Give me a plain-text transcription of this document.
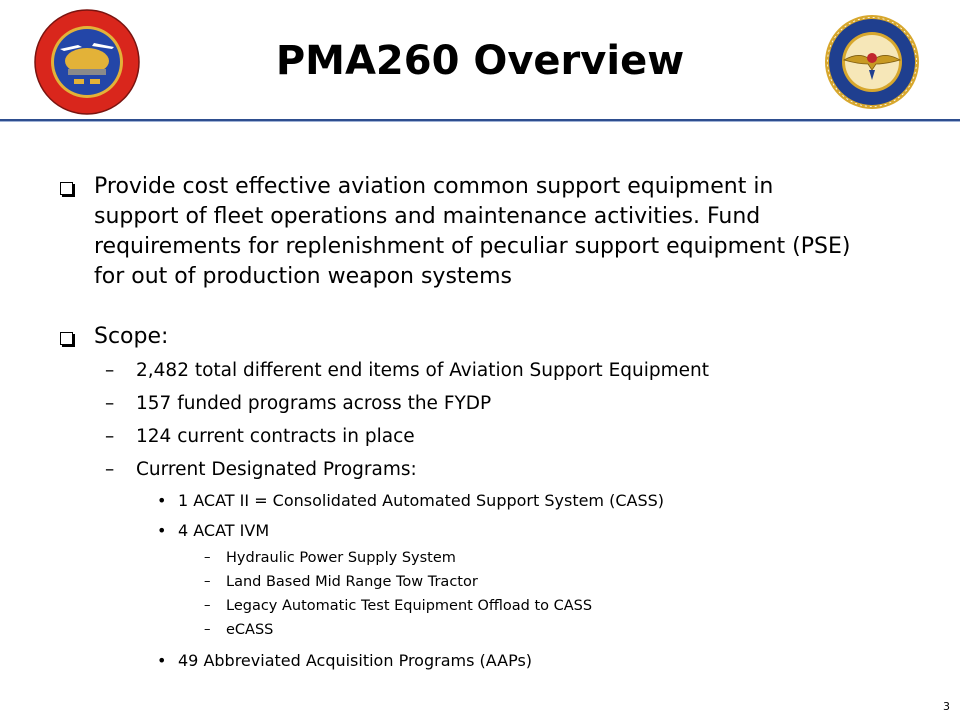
PMA260 Overview

Provide cost effective aviation common support equipment in
support of fleet operations and maintenance activities. Fund
requirements for replenishment of peculiar support equipment (PSE)
for out of production weapon systems

Scope:

– 2,482 total different end items of Aviation Support Equipment

– 157 funded programs across the FYDP

– 124 current contracts in place

– Current Designated Programs:

• 1 ACAT II = Consolidated Automated Support System (CASS)

• 4 ACAT IVM

– Hydraulic Power Supply System

– Land Based Mid Range Tow Tractor

– Legacy Automatic Test Equipment Offload to CASS

– eCASS

• 49 Abbreviated Acquisition Programs (AAPs)

3
